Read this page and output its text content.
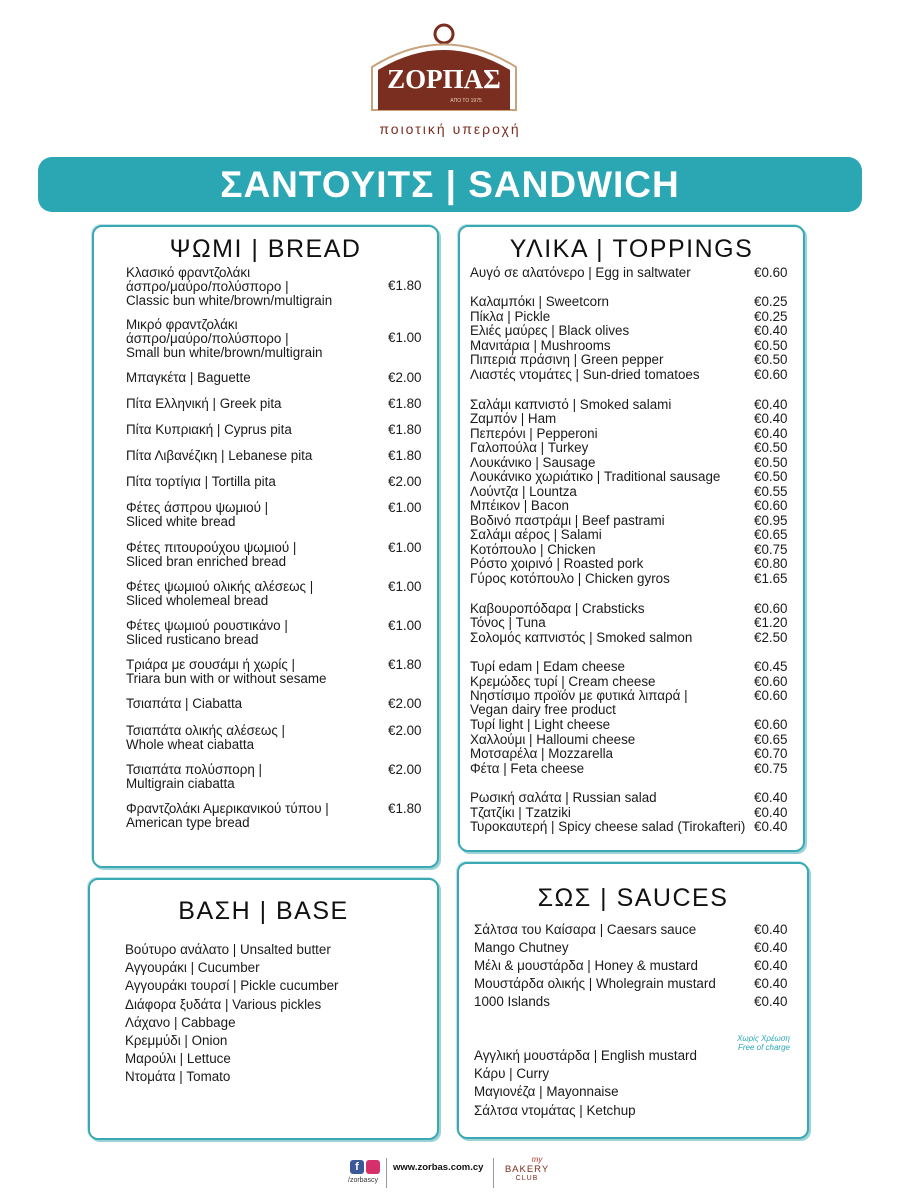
ΖΟΡΠΑΣ
ΑΠΟ ΤΟ 1975
ποιοτική υπεροχή
ΣΑΝΤΟΥΙΤΣ | SANDWICH
ΨΩΜΙ | BREAD
Κλασικό φραντζολάκι
άσπρο/μαύρο/πολύσπορο |
Classic bun white/brown/multigrain
€1.80
Μικρό φραντζολάκι
άσπρο/μαύρο/πολύσπορο |
Small bun white/brown/multigrain
€1.00
Μπαγκέτα | Baguette	€2.00
Πίτα Ελληνική | Greek pita	€1.80
Πίτα Κυπριακή | Cyprus pita	€1.80
Πίτα Λιβανέζικη | Lebanese pita	€1.80
Πίτα τορτίγια | Tortilla pita	€2.00
Φέτες άσπρου ψωμιού |
Sliced white bread
€1.00
Φέτες πιτουρούχου ψωμιού |
Sliced bran enriched bread
€1.00
Φέτες ψωμιού ολικής αλέσεως |
Sliced wholemeal bread
€1.00
Φέτες ψωμιού ρουστικάνο |
Sliced rusticano bread
€1.00
Τριάρα με σουσάμι ή χωρίς |
Triara bun with or without sesame
€1.80
Τσιαπάτα | Ciabatta	€2.00
Τσιαπάτα ολικής αλέσεως |
Whole wheat ciabatta
€2.00
Τσιαπάτα πολύσπορη |
Multigrain ciabatta
€2.00
Φραντζολάκι Αμερικανικού τύπου |
American type bread
€1.80
ΥΛΙΚΑ | TOPPINGS
Αυγό σε αλατόνερο | Egg in saltwater	€0.60
Καλαμπόκι | Sweetcorn	€0.25
Πίκλα | Pickle	€0.25
Ελιές μαύρες | Black olives	€0.40
Μανιτάρια | Mushrooms	€0.50
Πιπεριά πράσινη | Green pepper	€0.50
Λιαστές ντομάτες | Sun-dried tomatoes	€0.60
Σαλάμι καπνιστό | Smoked salami	€0.40
Ζαμπόν | Ham	€0.40
Πεπερόνι | Pepperoni	€0.40
Γαλοπούλα | Turkey	€0.50
Λουκάνικο | Sausage	€0.50
Λουκάνικο χωριάτικο | Traditional sausage	€0.50
Λούντζα | Lountza	€0.55
Μπέικον | Bacon	€0.60
Βοδινό παστράμι | Beef pastrami	€0.95
Σαλάμι αέρος | Salami	€0.65
Κοτόπουλο | Chicken	€0.75
Ρόστο χοιρινό | Roasted pork	€0.80
Γύρος κοτόπουλο | Chicken gyros	€1.65
Καβουροπόδαρα | Crabsticks	€0.60
Τόνος | Tuna	€1.20
Σολομός καπνιστός | Smoked salmon	€2.50
Τυρί edam | Edam cheese	€0.45
Κρεμώδες τυρί | Cream cheese	€0.60
Νηστίσιμο προϊόν με φυτικά λιπαρά |
Vegan dairy free product
€0.60
Τυρί light | Light cheese	€0.60
Χαλλούμι | Halloumi cheese	€0.65
Μοτσαρέλα | Mozzarella	€0.70
Φέτα | Feta cheese	€0.75
Ρωσική σαλάτα | Russian salad	€0.40
Τζατζίκι | Tzatziki	€0.40
Τυροκαυτερή | Spicy cheese salad (Tirokafteri) €0.40
ΒΑΣΗ | BASE
Βούτυρο ανάλατο | Unsalted butter
Αγγουράκι | Cucumber
Αγγουράκι τουρσί | Pickle cucumber
Διάφορα ξυδάτα | Various pickles
Λάχανο | Cabbage
Κρεμμύδι | Onion
Μαρούλι | Lettuce
Ντομάτα | Tomato
ΣΩΣ | SAUCES
Σάλτσα του Καίσαρα | Caesars sauce	€0.40
Mango Chutney	€0.40
Μέλι & μουστάρδα | Honey & mustard	€0.40
Μουστάρδα ολικής | Wholegrain mustard	€0.40
1000 Islands	€0.40
Αγγλική μουστάρδα | English mustard
Κάρυ | Curry
Μαγιονέζα | Mayonnaise
Σάλτσα ντομάτας | Ketchup
Χωρίς Χρέωση
Free of charge
f
/zorbascy
www.zorbas.com.cy
my
BAKERY
CLUB
